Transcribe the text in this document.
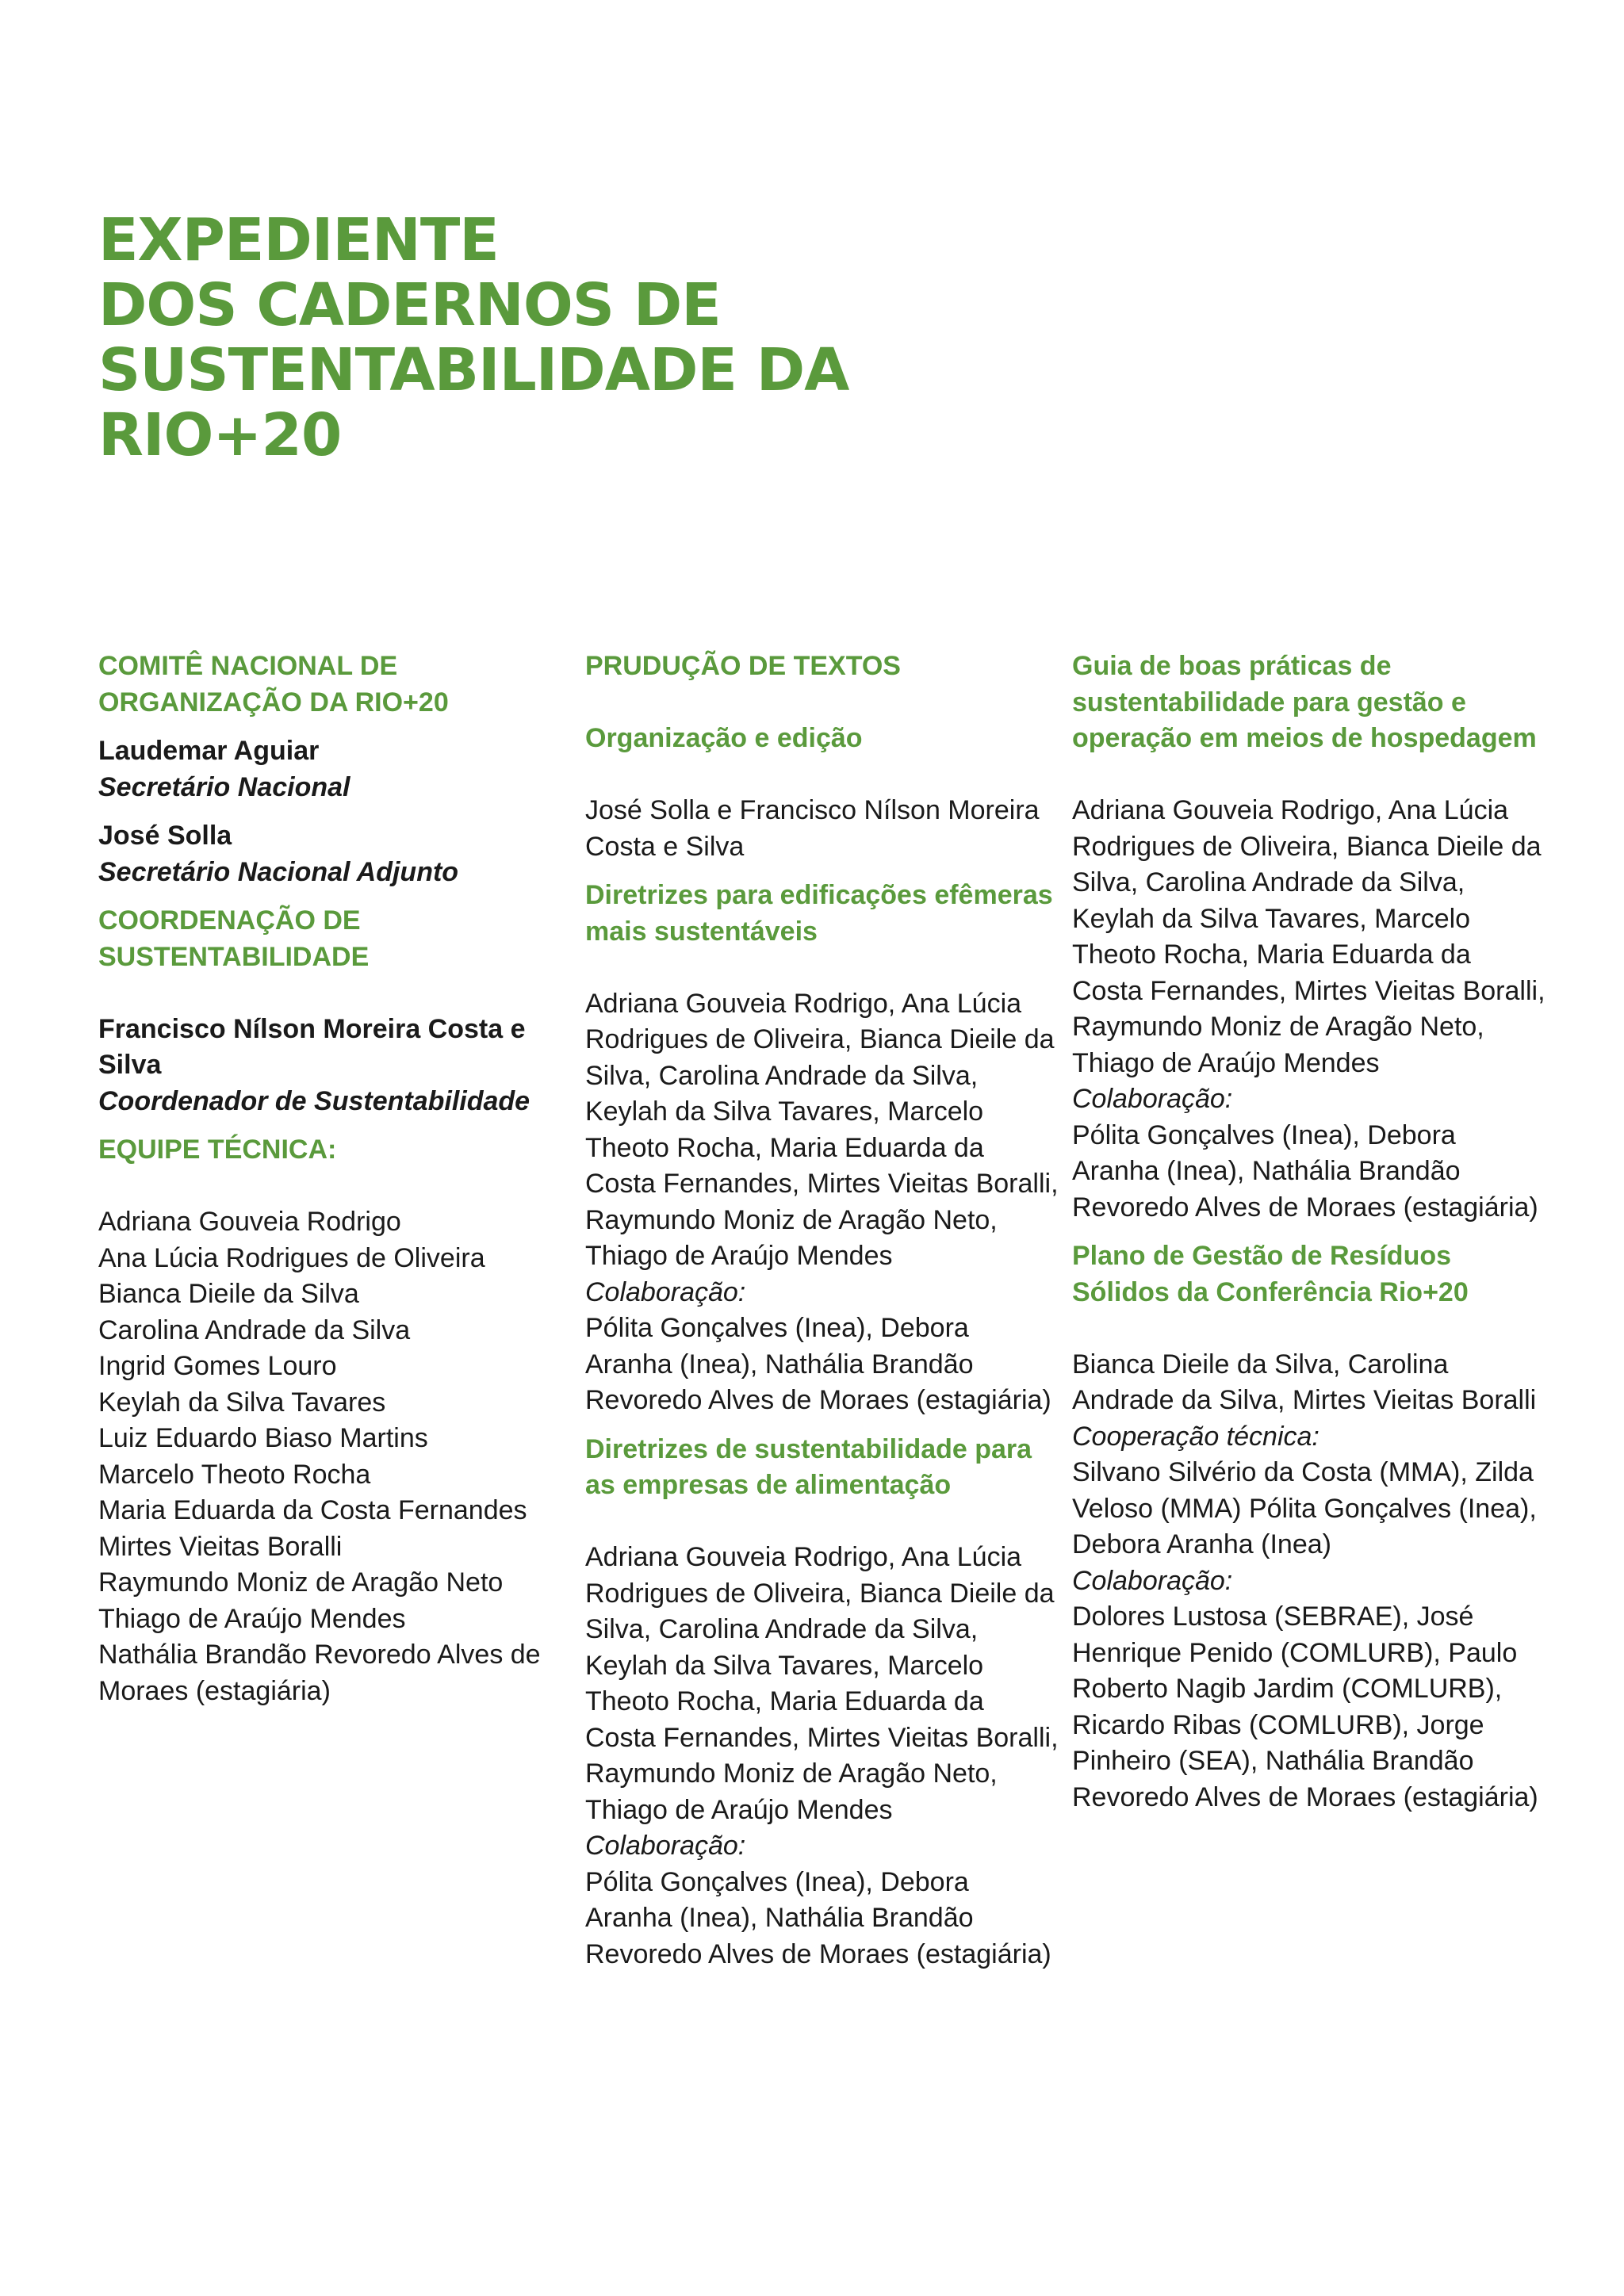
EXPEDIENTE
DOS CADERNOS DE
SUSTENTABILIDADE DA
RIO+20

COMITÊ NACIONAL DE ORGANIZAÇÃO DA RIO+20

Laudemar Aguiar

Secretário Nacional

José Solla

Secretário Nacional Adjunto

COORDENAÇÃO DE SUSTENTABILIDADE

Francisco Nílson Moreira Costa e Silva

Coordenador de Sustentabilidade

EQUIPE TÉCNICA:

Adriana Gouveia Rodrigo
Ana Lúcia Rodrigues de Oliveira
Bianca Dieile da Silva
Carolina Andrade da Silva
Ingrid Gomes Louro
Keylah da Silva Tavares
Luiz Eduardo Biaso Martins
Marcelo Theoto Rocha
Maria Eduarda da Costa Fernandes
Mirtes Vieitas Boralli
Raymundo Moniz de Aragão Neto
Thiago de Araújo Mendes
Nathália Brandão Revoredo Alves de Moraes (estagiária)

PRUDUÇÃO DE TEXTOS

Organização e edição

José Solla e Francisco Nílson Moreira Costa e Silva

Diretrizes para edificações efêmeras mais sustentáveis

Adriana Gouveia Rodrigo, Ana Lúcia Rodrigues de Oliveira, Bianca Dieile da Silva, Carolina Andrade da Silva, Keylah da Silva Tavares, Marcelo Theoto Rocha, Maria Eduarda da Costa Fernandes, Mirtes Vieitas Boralli, Raymundo Moniz de Aragão Neto, Thiago de Araújo Mendes

Colaboração:

Pólita Gonçalves (Inea), Debora Aranha (Inea), Nathália Brandão Revoredo Alves de Moraes (estagiária)

Diretrizes de sustentabilidade para as empresas de alimentação

Adriana Gouveia Rodrigo, Ana Lúcia Rodrigues de Oliveira, Bianca Dieile da Silva, Carolina Andrade da Silva, Keylah da Silva Tavares, Marcelo Theoto Rocha, Maria Eduarda da Costa Fernandes, Mirtes Vieitas Boralli, Raymundo Moniz de Aragão Neto, Thiago de Araújo Mendes

Colaboração:

Pólita Gonçalves (Inea), Debora Aranha (Inea), Nathália Brandão Revoredo Alves de Moraes (estagiária)

Guia de boas práticas de sustentabilidade para gestão e operação em meios de hospedagem

Adriana Gouveia Rodrigo, Ana Lúcia Rodrigues de Oliveira, Bianca Dieile da Silva, Carolina Andrade da Silva, Keylah da Silva Tavares, Marcelo Theoto Rocha, Maria Eduarda da Costa Fernandes, Mirtes Vieitas Boralli, Raymundo Moniz de Aragão Neto, Thiago de Araújo Mendes

Colaboração:

Pólita Gonçalves (Inea), Debora Aranha (Inea), Nathália Brandão Revoredo Alves de Moraes (estagiária)

Plano de Gestão de Resíduos Sólidos da Conferência Rio+20

Bianca Dieile da Silva, Carolina Andrade da Silva, Mirtes Vieitas Boralli

Cooperação técnica:

Silvano Silvério da Costa (MMA), Zilda Veloso (MMA) Pólita Gonçalves (Inea), Debora Aranha (Inea)

Colaboração:

Dolores Lustosa (SEBRAE), José Henrique Penido (COMLURB), Paulo Roberto Nagib Jardim (COMLURB), Ricardo Ribas (COMLURB), Jorge Pinheiro (SEA), Nathália Brandão Revoredo Alves de Moraes (estagiária)
